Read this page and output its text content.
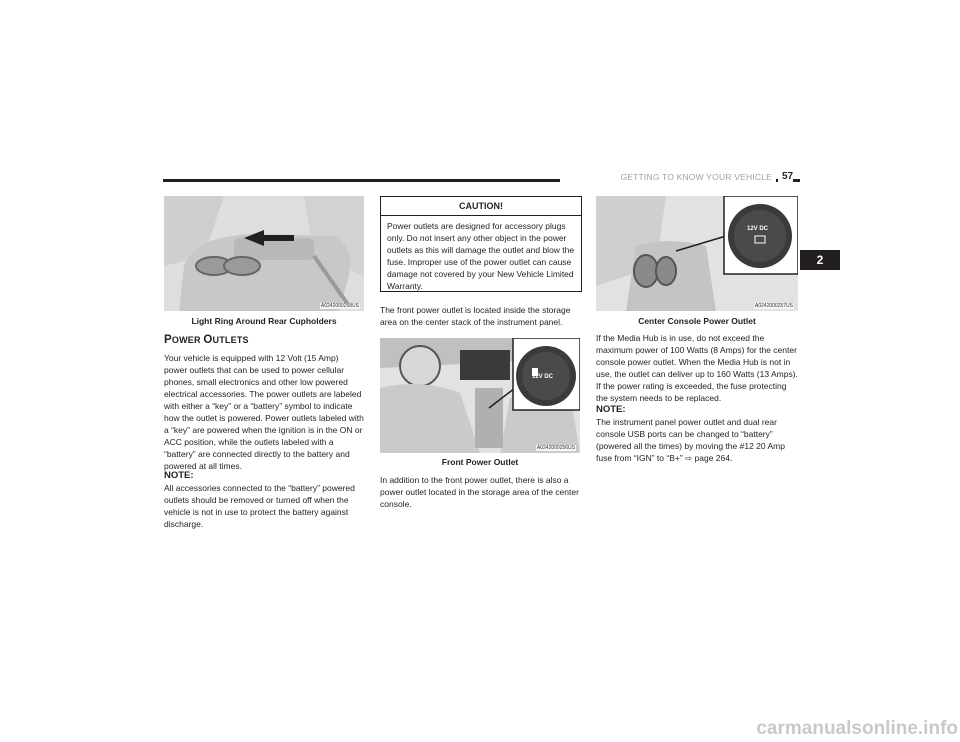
GETTING TO KNOW YOUR VEHICLE	57
2
A0242000258US
Light Ring Around Rear Cupholders
POWER OUTLETS
Your vehicle is equipped with 12 Volt (15 Amp) power outlets that can be used to power cellular phones, small electronics and other low powered electrical accessories. The power outlets are labeled with either a “key” or a “battery” symbol to indicate how the outlet is powered. Power outlets labeled with a “key” are powered when the ignition is in the ON or ACC position, while the outlets labeled with a “battery” are connected directly to the battery and powered at all times.
NOTE:
All accessories connected to the “battery” powered outlets should be removed or turned off when the vehicle is not in use to protect the battery against discharge.
CAUTION!
Power outlets are designed for accessory plugs only. Do not insert any other object in the power outlets as this will damage the outlet and blow the fuse. Improper use of the power outlet can cause damage not covered by your New Vehicle Limited Warranty.
The front power outlet is located inside the storage area on the center stack of the instrument panel.
12V DC
A0242000256US
Front Power Outlet
In addition to the front power outlet, there is also a power outlet located in the storage area of the center console.
12V DC
A0242000257US
Center Console Power Outlet
If the Media Hub is in use, do not exceed the maximum power of 100 Watts (8 Amps) for the center console power outlet. When the Media Hub is not in use, the outlet can deliver up to 160 Watts (13 Amps). If the power rating is exceeded, the fuse protecting the system needs to be replaced.
NOTE:
The instrument panel power outlet and dual rear console USB ports can be changed to “battery” (powered all the times) by moving the #12 20 Amp fuse from “IGN” to “B+” ⇨ page 264.
carmanualsonline.info
